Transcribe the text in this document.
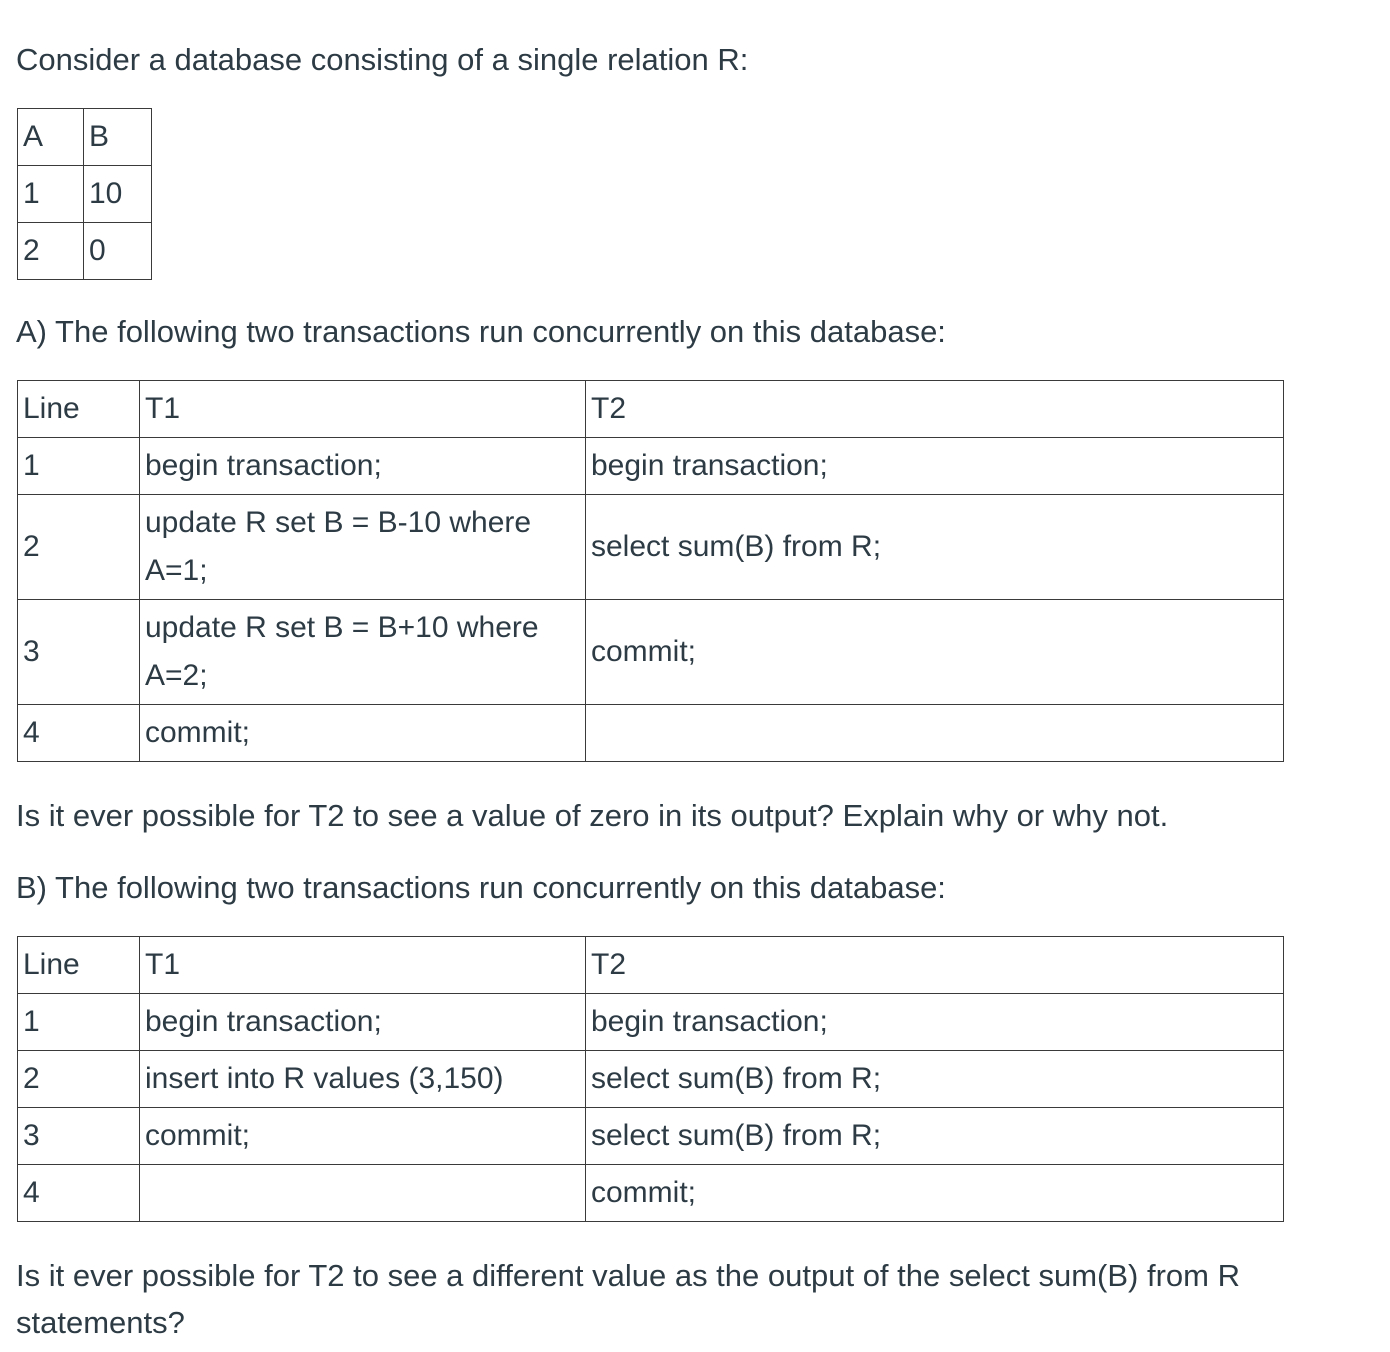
Consider a database consisting of a single relation R:

A	B
1	10
2	0

A) The following two transactions run concurrently on this database:

Line	T1	T2
1	begin transaction;	begin transaction;
2	update R set B = B-10 where A=1;	select sum(B) from R;
3	update R set B = B+10 where A=2;	commit;
4	commit;	

Is it ever possible for T2 to see a value of zero in its output? Explain why or why not.

B) The following two transactions run concurrently on this database:

Line	T1	T2
1	begin transaction;	begin transaction;
2	insert into R values (3,150)	select sum(B) from R;
3	commit;	select sum(B) from R;
4		commit;

Is it ever possible for T2 to see a different value as the output of the select sum(B) from R statements?
